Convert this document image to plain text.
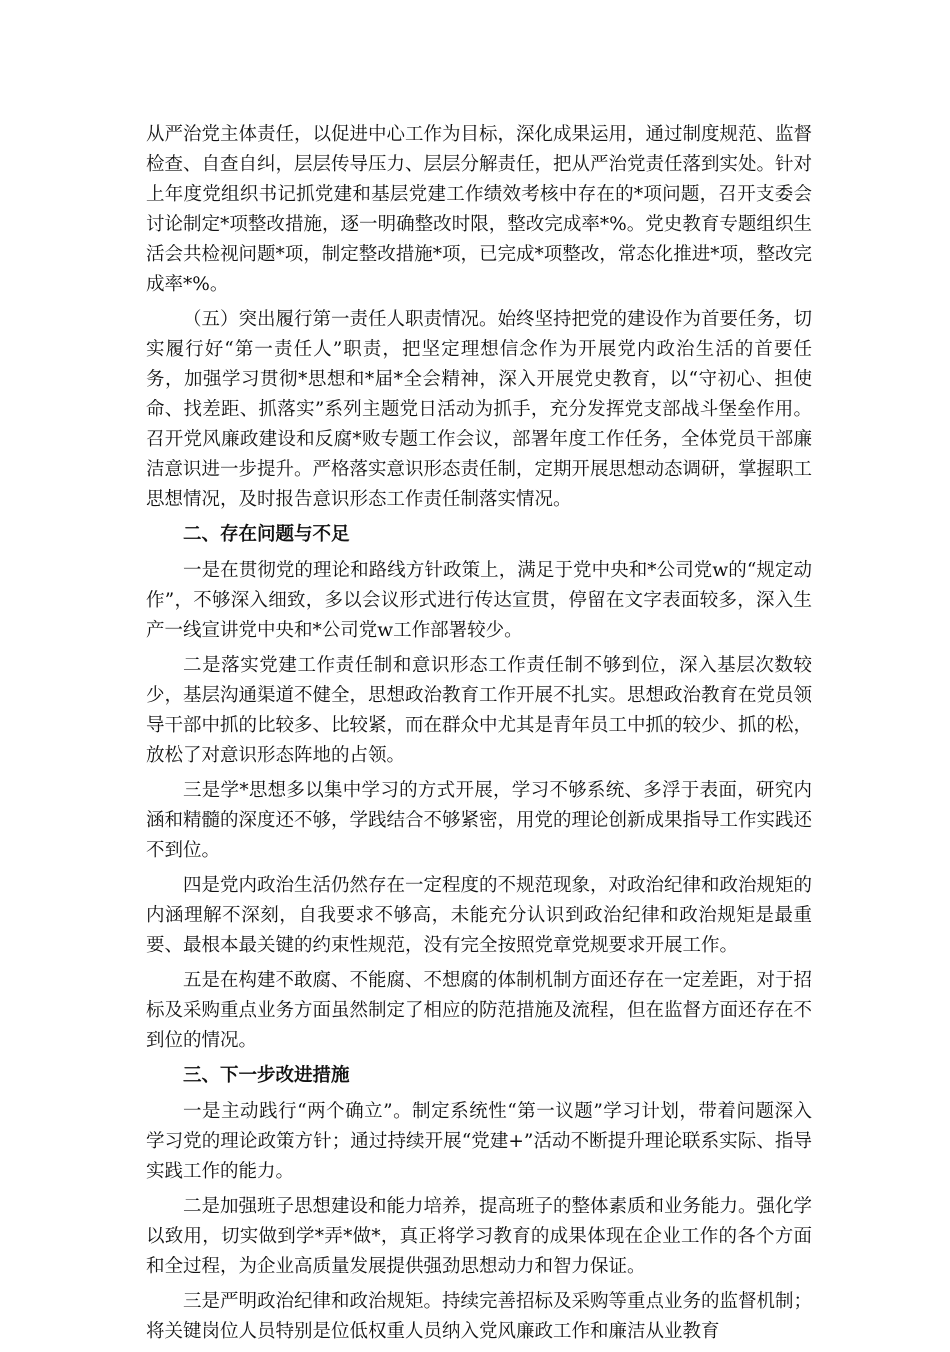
从严治党主体责任，以促进中心工作为目标，深化成果运用，通过制度规范、监督检查、自查自纠，层层传导压力、层层分解责任，把从严治党责任落到实处。针对上年度党组织书记抓党建和基层党建工作绩效考核中存在的*项问题，召开支委会讨论制定*项整改措施，逐一明确整改时限，整改完成率*%。党史教育专题组织生活会共检视问题*项，制定整改措施*项，已完成*项整改，常态化推进*项，整改完成率*%。

（五）突出履行第一责任人职责情况。始终坚持把党的建设作为首要任务，切实履行好“第一责任人”职责，把坚定理想信念作为开展党内政治生活的首要任务，加强学习贯彻*思想和*届*全会精神，深入开展党史教育，以“守初心、担使命、找差距、抓落实”系列主题党日活动为抓手，充分发挥党支部战斗堡垒作用。召开党风廉政建设和反腐*败专题工作会议，部署年度工作任务，全体党员干部廉洁意识进一步提升。严格落实意识形态责任制，定期开展思想动态调研，掌握职工思想情况，及时报告意识形态工作责任制落实情况。

二、存在问题与不足

一是在贯彻党的理论和路线方针政策上，满足于党中央和*公司党w的“规定动作”，不够深入细致，多以会议形式进行传达宣贯，停留在文字表面较多，深入生产一线宣讲党中央和*公司党w工作部署较少。

二是落实党建工作责任制和意识形态工作责任制不够到位，深入基层次数较少，基层沟通渠道不健全，思想政治教育工作开展不扎实。思想政治教育在党员领导干部中抓的比较多、比较紧，而在群众中尤其是青年员工中抓的较少、抓的松，放松了对意识形态阵地的占领。

三是学*思想多以集中学习的方式开展，学习不够系统、多浮于表面，研究内涵和精髓的深度还不够，学践结合不够紧密，用党的理论创新成果指导工作实践还不到位。

四是党内政治生活仍然存在一定程度的不规范现象，对政治纪律和政治规矩的内涵理解不深刻，自我要求不够高，未能充分认识到政治纪律和政治规矩是最重要、最根本最关键的约束性规范，没有完全按照党章党规要求开展工作。

五是在构建不敢腐、不能腐、不想腐的体制机制方面还存在一定差距，对于招标及采购重点业务方面虽然制定了相应的防范措施及流程，但在监督方面还存在不到位的情况。

三、下一步改进措施

一是主动践行“两个确立”。制定系统性“第一议题”学习计划，带着问题深入学习党的理论政策方针；通过持续开展“党建+”活动不断提升理论联系实际、指导实践工作的能力。

二是加强班子思想建设和能力培养，提高班子的整体素质和业务能力。强化学以致用，切实做到学*弄*做*，真正将学习教育的成果体现在企业工作的各个方面和全过程，为企业高质量发展提供强劲思想动力和智力保证。

三是严明政治纪律和政治规矩。持续完善招标及采购等重点业务的监督机制；将关键岗位人员特别是位低权重人员纳入党风廉政工作和廉洁从业教育
